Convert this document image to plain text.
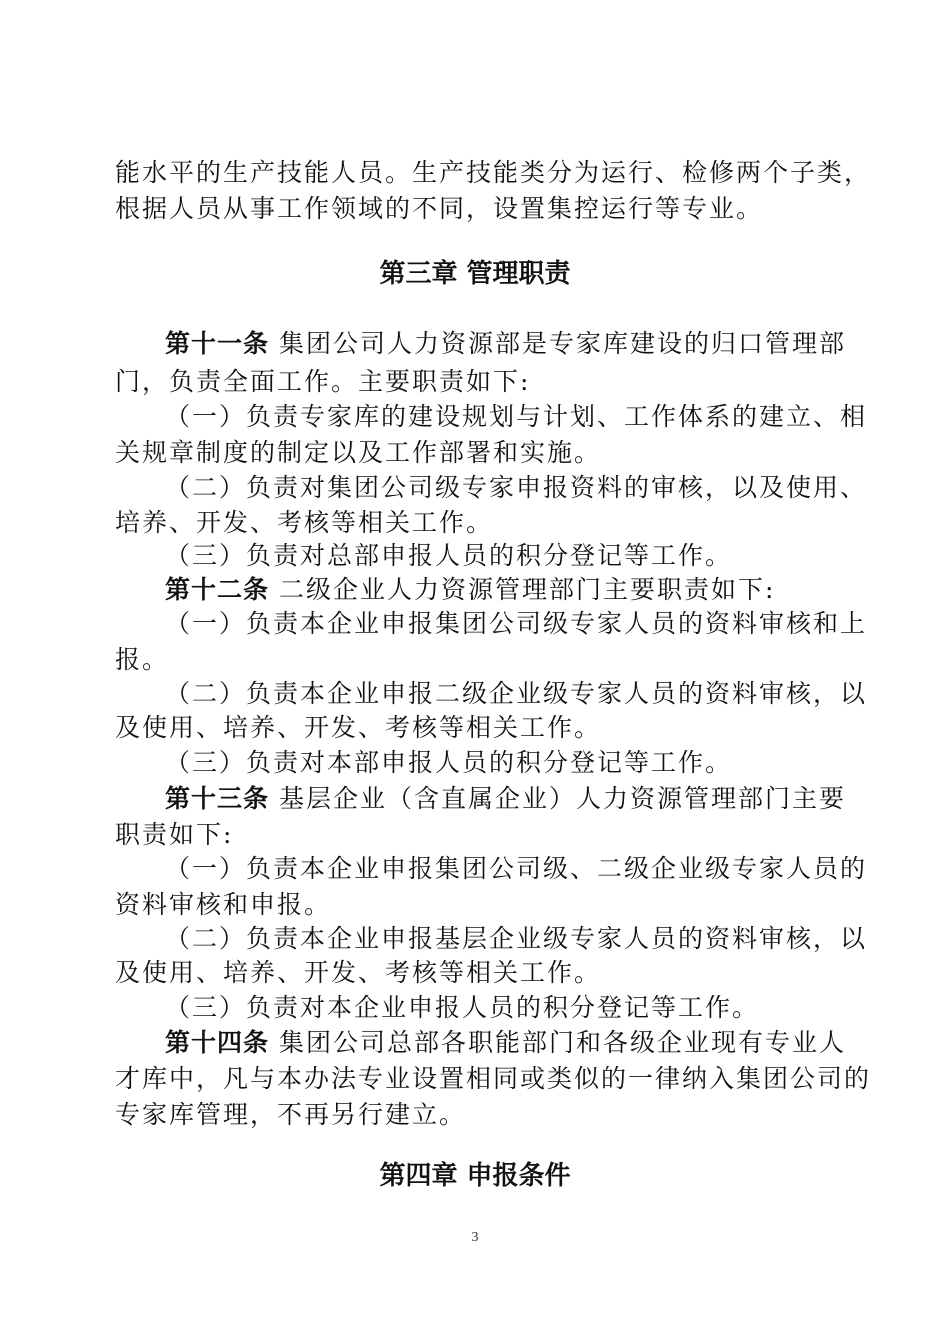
能水平的生产技能人员。生产技能类分为运行、检修两个子类，
根据人员从事工作领域的不同，设置集控运行等专业。
第三章 管理职责
第十一条 集团公司人力资源部是专家库建设的归口管理部
门，负责全面工作。主要职责如下:
（一）负责专家库的建设规划与计划、工作体系的建立、相
关规章制度的制定以及工作部署和实施。
（二）负责对集团公司级专家申报资料的审核，以及使用、
培养、开发、考核等相关工作。
（三）负责对总部申报人员的积分登记等工作。
第十二条 二级企业人力资源管理部门主要职责如下:
（一）负责本企业申报集团公司级专家人员的资料审核和上
报。
（二）负责本企业申报二级企业级专家人员的资料审核，以
及使用、培养、开发、考核等相关工作。
（三）负责对本部申报人员的积分登记等工作。
第十三条 基层企业（含直属企业）人力资源管理部门主要
职责如下:
（一）负责本企业申报集团公司级、二级企业级专家人员的
资料审核和申报。
（二）负责本企业申报基层企业级专家人员的资料审核，以
及使用、培养、开发、考核等相关工作。
（三）负责对本企业申报人员的积分登记等工作。
第十四条 集团公司总部各职能部门和各级企业现有专业人
才库中，凡与本办法专业设置相同或类似的一律纳入集团公司的
专家库管理，不再另行建立。
第四章 申报条件
3
